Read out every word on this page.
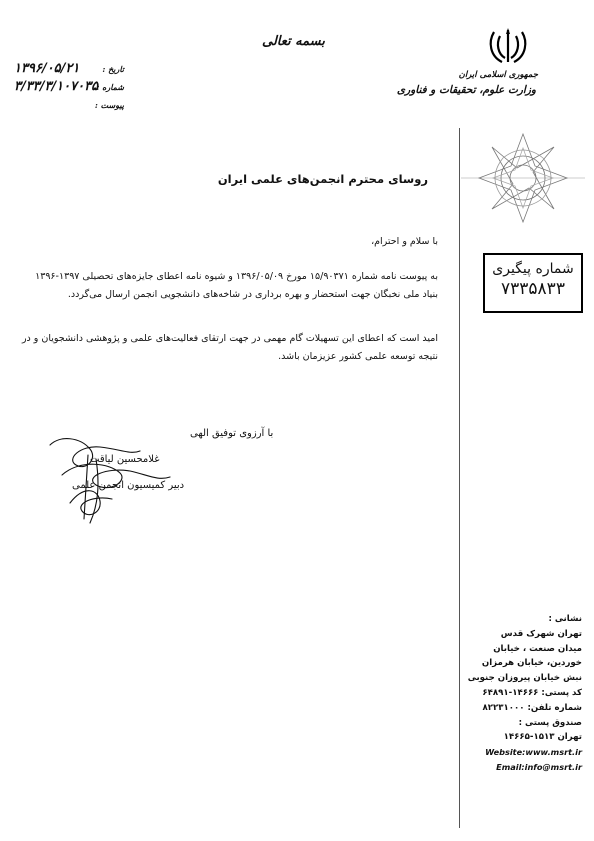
بسمه تعالی
جمهوری اسلامی ایران
وزارت علوم، تحقیقات و فناوری
۱۳۹۶/۰۵/۲۱	تاریخ :
۳/۳۳/۳/۱۰۷۰۳۵
شماره :
پیوست :
شماره پیگیری
۷۳۳۵۸۳۳
روسای محترم انجمن‌های علمی ایران
با سلام و احترام،
به پیوست نامه شماره ۱۵/۹۰۳۷۱ مورخ ۱۳۹۶/۰۵/۰۹ و شیوه نامه اعطای جایزه‌های تحصیلی ۱۳۹۷-۱۳۹۶
بنیاد ملی نخبگان جهت استحضار و بهره برداری در شاخه‌های دانشجویی انجمن ارسال می‌گردد.
امید است که اعطای این تسهیلات گام مهمی در جهت ارتقای فعالیت‌های علمی و پژوهشی دانشجویان و در
نتیجه توسعه علمی کشور عزیزمان باشد.
با آرزوی توفیق الهی
غلامحسین لیاقت
دبیر کمیسیون انجمن علمی
نشانی :
تهران شهرک قدس
میدان صنعت ، خیابان
خوردین، خیابان هرمزان
نبش خیابان پیروزان جنوبی
کد پستی: ۱۴۶۶۶-۶۴۸۹۱
شماره تلفن: ۸۲۲۳۱۰۰۰
صندوق پستی :
تهران ۱۵۱۳-۱۴۶۶۵
Website:www.msrt.ir
Email:info@msrt.ir
